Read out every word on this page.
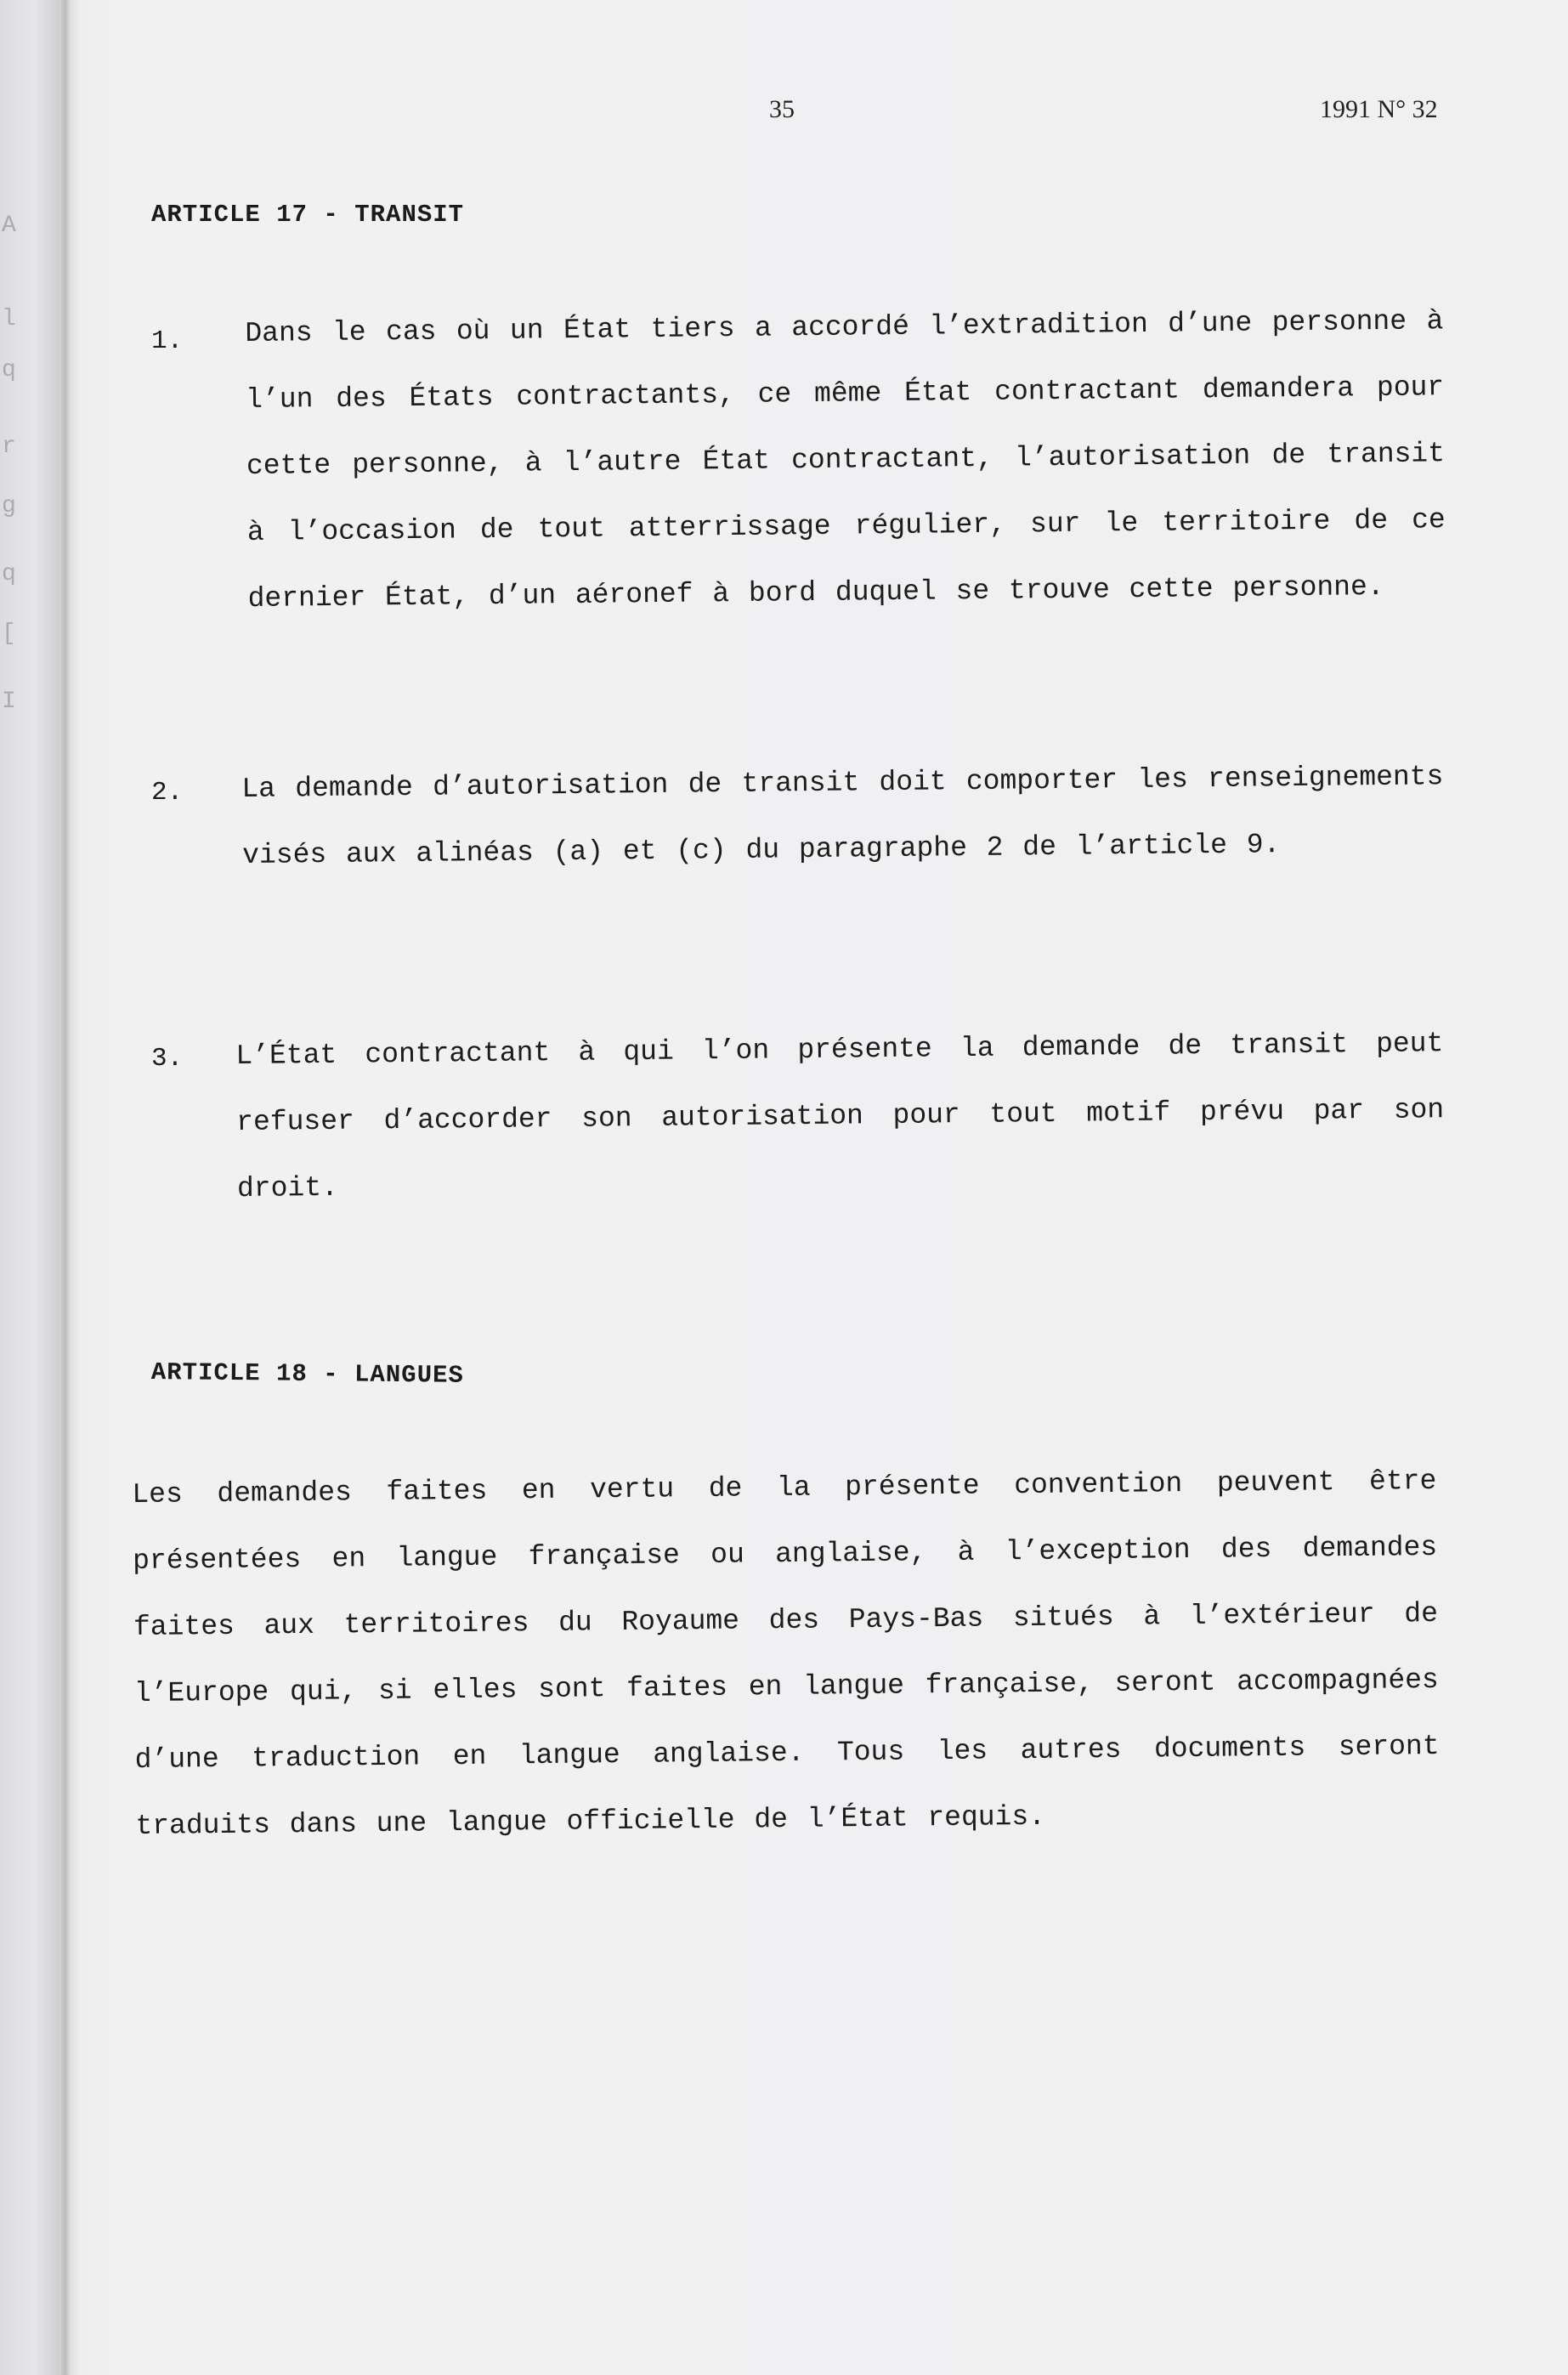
35	1991 N° 32
ARTICLE 17 - TRANSIT
1. Dans le cas où un État tiers a accordé l’extradition d’une personne à l’un des États contractants, ce même État contractant demandera pour cette personne, à l’autre État contractant, l’autorisation de transit à l’occasion de tout atterrissage régulier, sur le territoire de ce dernier État, d’un aéronef à bord duquel se trouve cette personne.

2. La demande d’autorisation de transit doit comporter les renseignements visés aux alinéas (a) et (c) du paragraphe 2 de l’article 9.

3. L’État contractant à qui l’on présente la demande de transit peut refuser d’accorder son autorisation pour tout motif prévu par son droit.

ARTICLE 18 - LANGUES

Les demandes faites en vertu de la présente convention peuvent être présentées en langue française ou anglaise, à l’exception des demandes faites aux territoires du Royaume des Pays-Bas situés à l’extérieur de l’Europe qui, si elles sont faites en langue française, seront accompagnées d’une traduction en langue anglaise. Tous les autres documents seront traduits dans une langue officielle de l’État requis.

A
l
q
r
g
q
[
I
